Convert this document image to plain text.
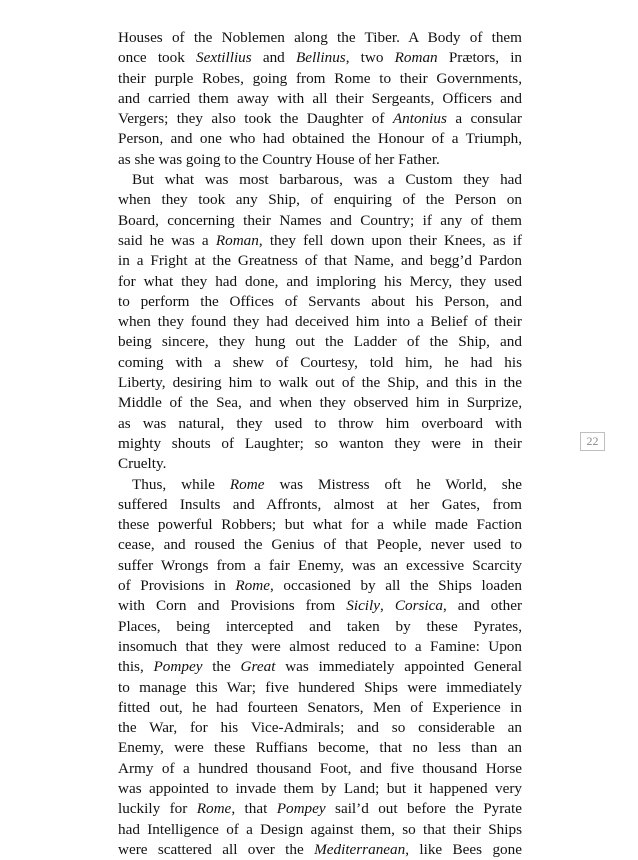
Houses of the Noblemen along the Tiber. A Body of them
once took Sextillius and Bellinus, two Roman Prætors, in
their purple Robes, going from Rome to their Governments,
and carried them away with all their Sergeants, Officers and
Vergers; they also took the Daughter of Antonius a consular
Person, and one who had obtained the Honour of a Triumph,
as she was going to the Country House of her Father.
But what was most barbarous, was a Custom they had
when they took any Ship, of enquiring of the Person on
Board, concerning their Names and Country; if any of them
said he was a Roman, they fell down upon their Knees, as if
in a Fright at the Greatness of that Name, and begg’d Pardon
for what they had done, and imploring his Mercy, they used
to perform the Offices of Servants about his Person, and
when they found they had deceived him into a Belief of their
being sincere, they hung out the Ladder of the Ship, and
coming with a shew of Courtesy, told him, he had his
Liberty, desiring him to walk out of the Ship, and this in the
Middle of the Sea, and when they observed him in Surprize,
as was natural, they used to throw him overboard with
mighty shouts of Laughter; so wanton they were in their
Cruelty.
Thus, while Rome was Mistress oft he World, she
suffered Insults and Affronts, almost at her Gates, from
these powerful Robbers; but what for a while made Faction
cease, and roused the Genius of that People, never used to
suffer Wrongs from a fair Enemy, was an excessive Scarcity
of Provisions in Rome, occasioned by all the Ships loaden
with Corn and Provisions from Sicily, Corsica, and other
Places, being intercepted and taken by these Pyrates,
insomuch that they were almost reduced to a Famine: Upon
this, Pompey the Great was immediately appointed General
to manage this War; five hundered Ships were immediately
fitted out, he had fourteen Senators, Men of Experience in
the War, for his Vice-Admirals; and so considerable an
Enemy, were these Ruffians become, that no less than an
Army of a hundred thousand Foot, and five thousand Horse
was appointed to invade them by Land; but it happened very
luckily for Rome, that Pompey sail’d out before the Pyrate
had Intelligence of a Design against them, so that their Ships
were scattered all over the Mediterranean, like Bees gone
22
